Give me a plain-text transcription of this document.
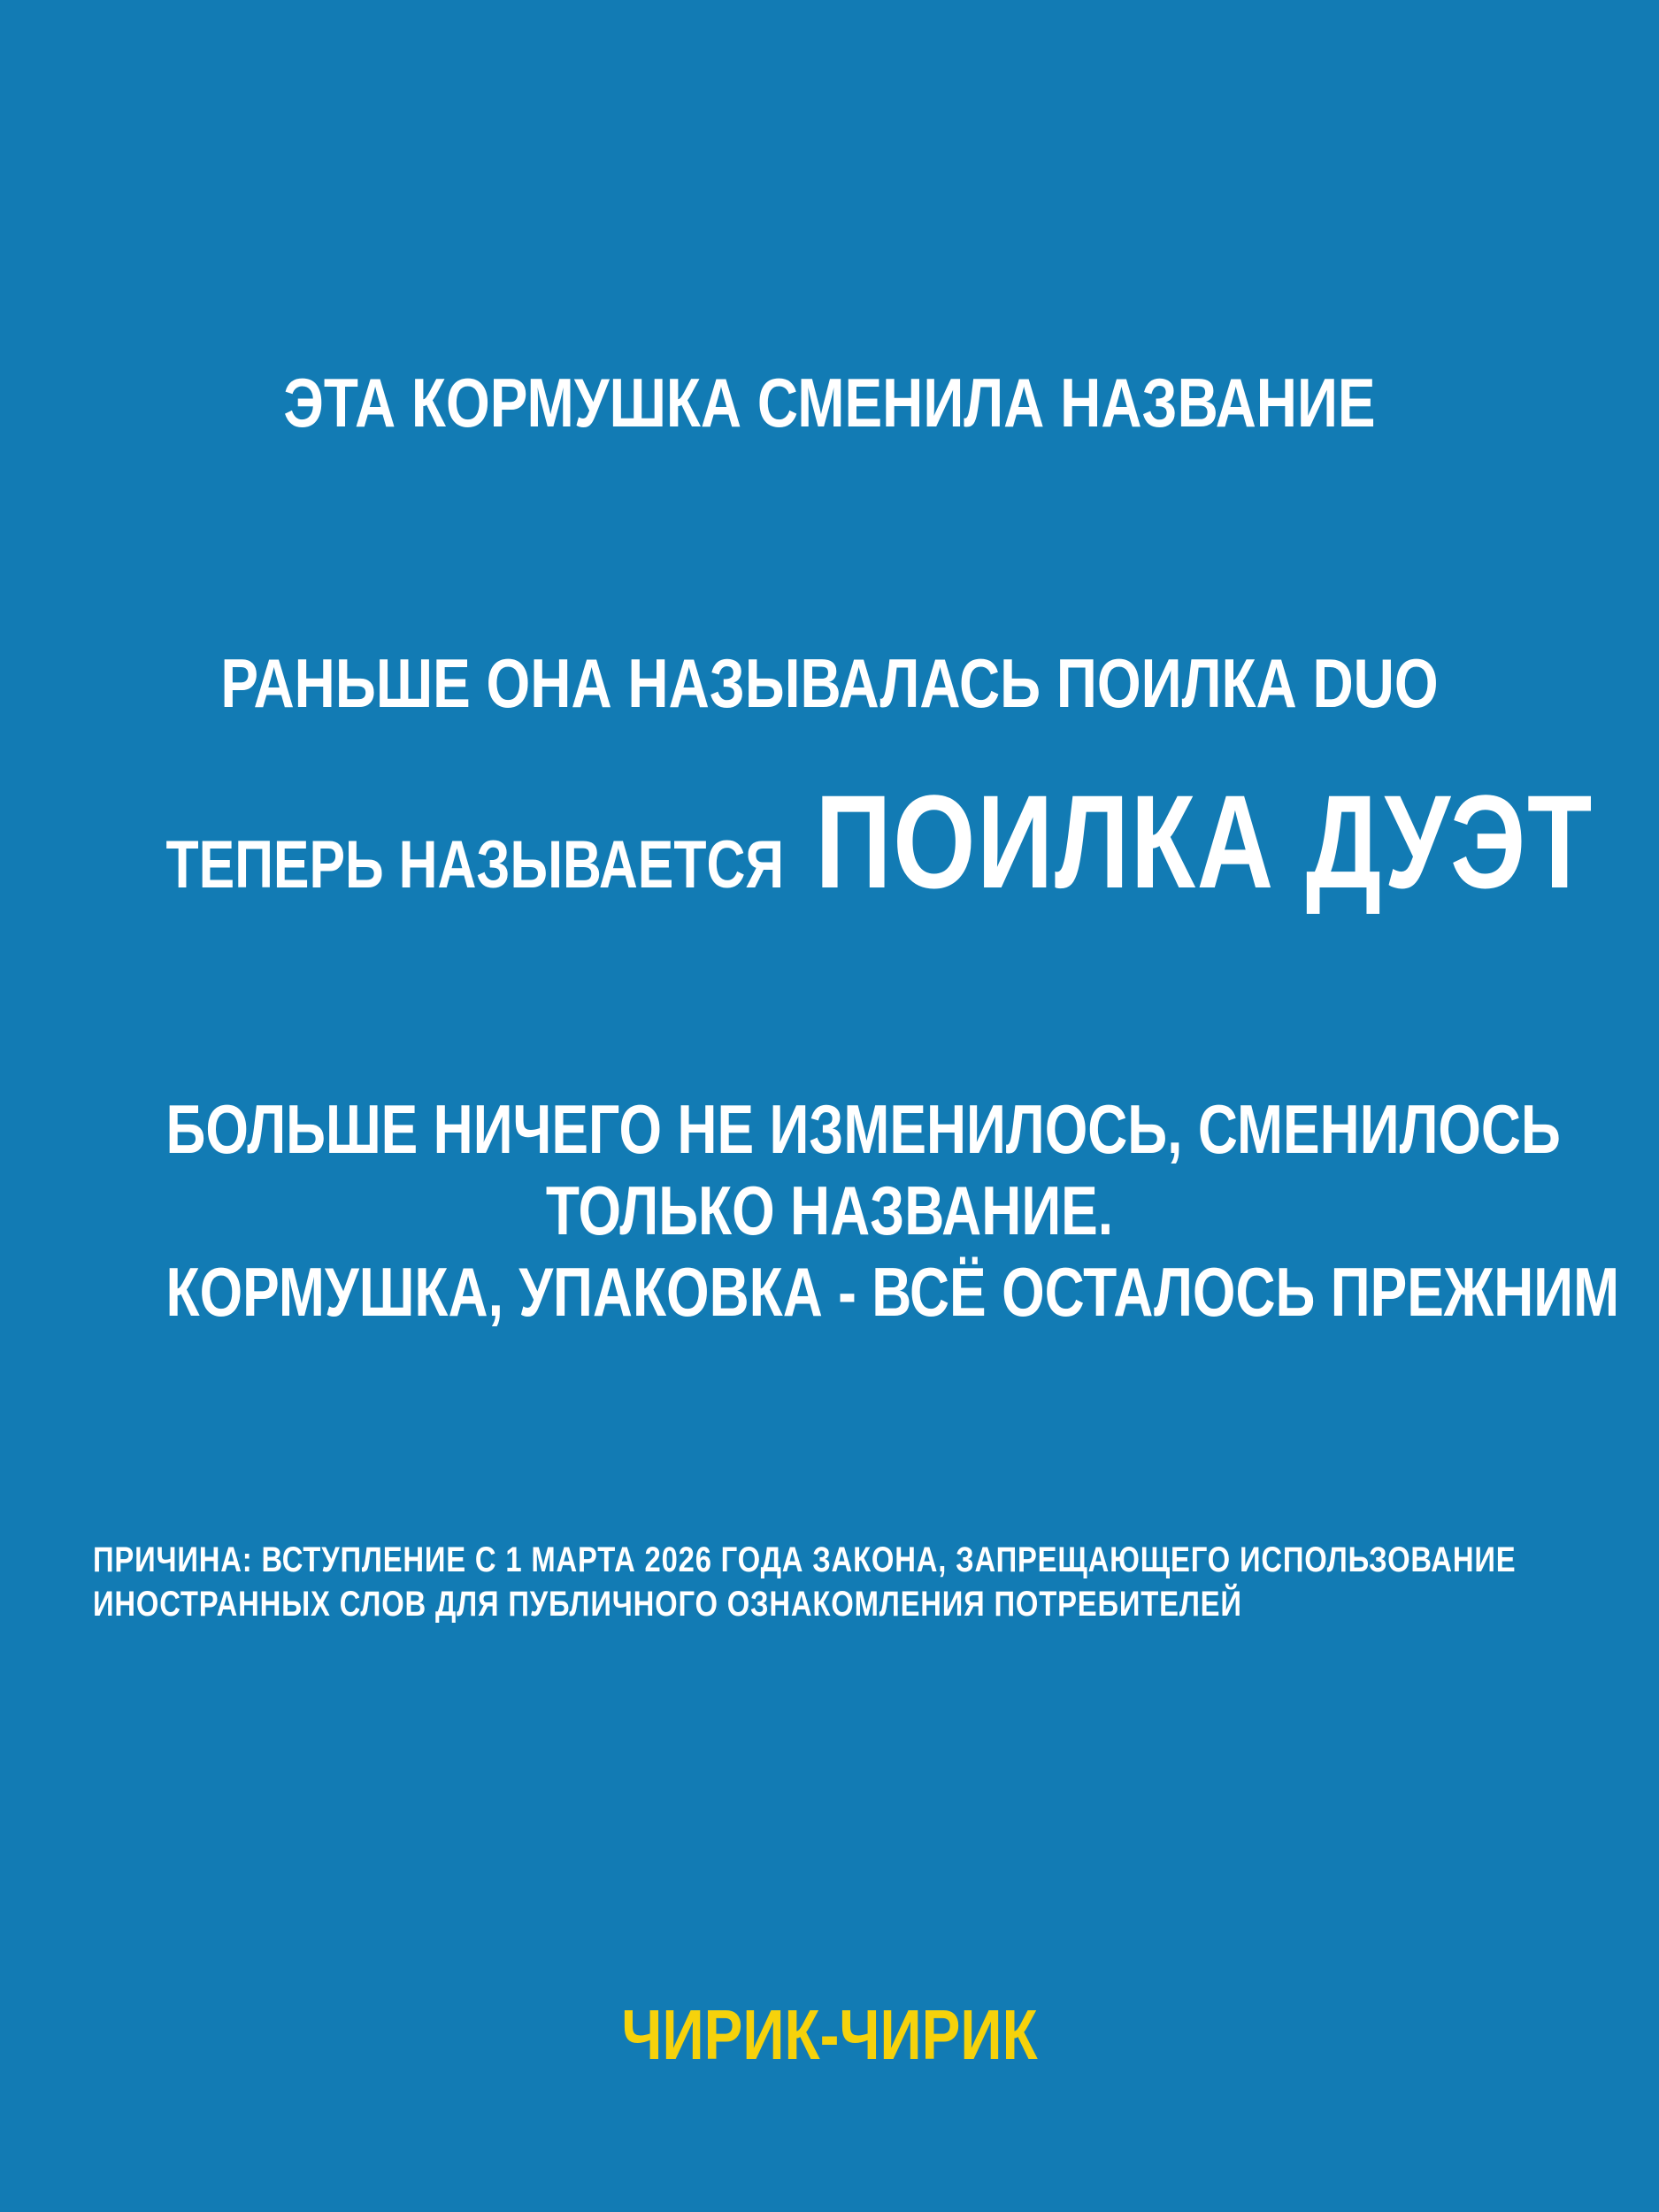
ЭТА КОРМУШКА СМЕНИЛА НАЗВАНИЕ
РАНЬШЕ ОНА НАЗЫВАЛАСЬ ПОИЛКА DUO
ТЕПЕРЬ НАЗЫВАЕТСЯ ПОИЛКА ДУЭТ
БОЛЬШЕ НИЧЕГО НЕ ИЗМЕНИЛОСЬ, СМЕНИЛОСЬ
ТОЛЬКО НАЗВАНИЕ.
КОРМУШКА, УПАКОВКА - ВСЁ ОСТАЛОСЬ ПРЕЖНИМ
ПРИЧИНА: ВСТУПЛЕНИЕ С 1 МАРТА 2026 ГОДА ЗАКОНА, ЗАПРЕЩАЮЩЕГО ИСПОЛЬЗОВАНИЕ
ИНОСТРАННЫХ СЛОВ ДЛЯ ПУБЛИЧНОГО ОЗНАКОМЛЕНИЯ ПОТРЕБИТЕЛЕЙ
ЧИРИК-ЧИРИК
